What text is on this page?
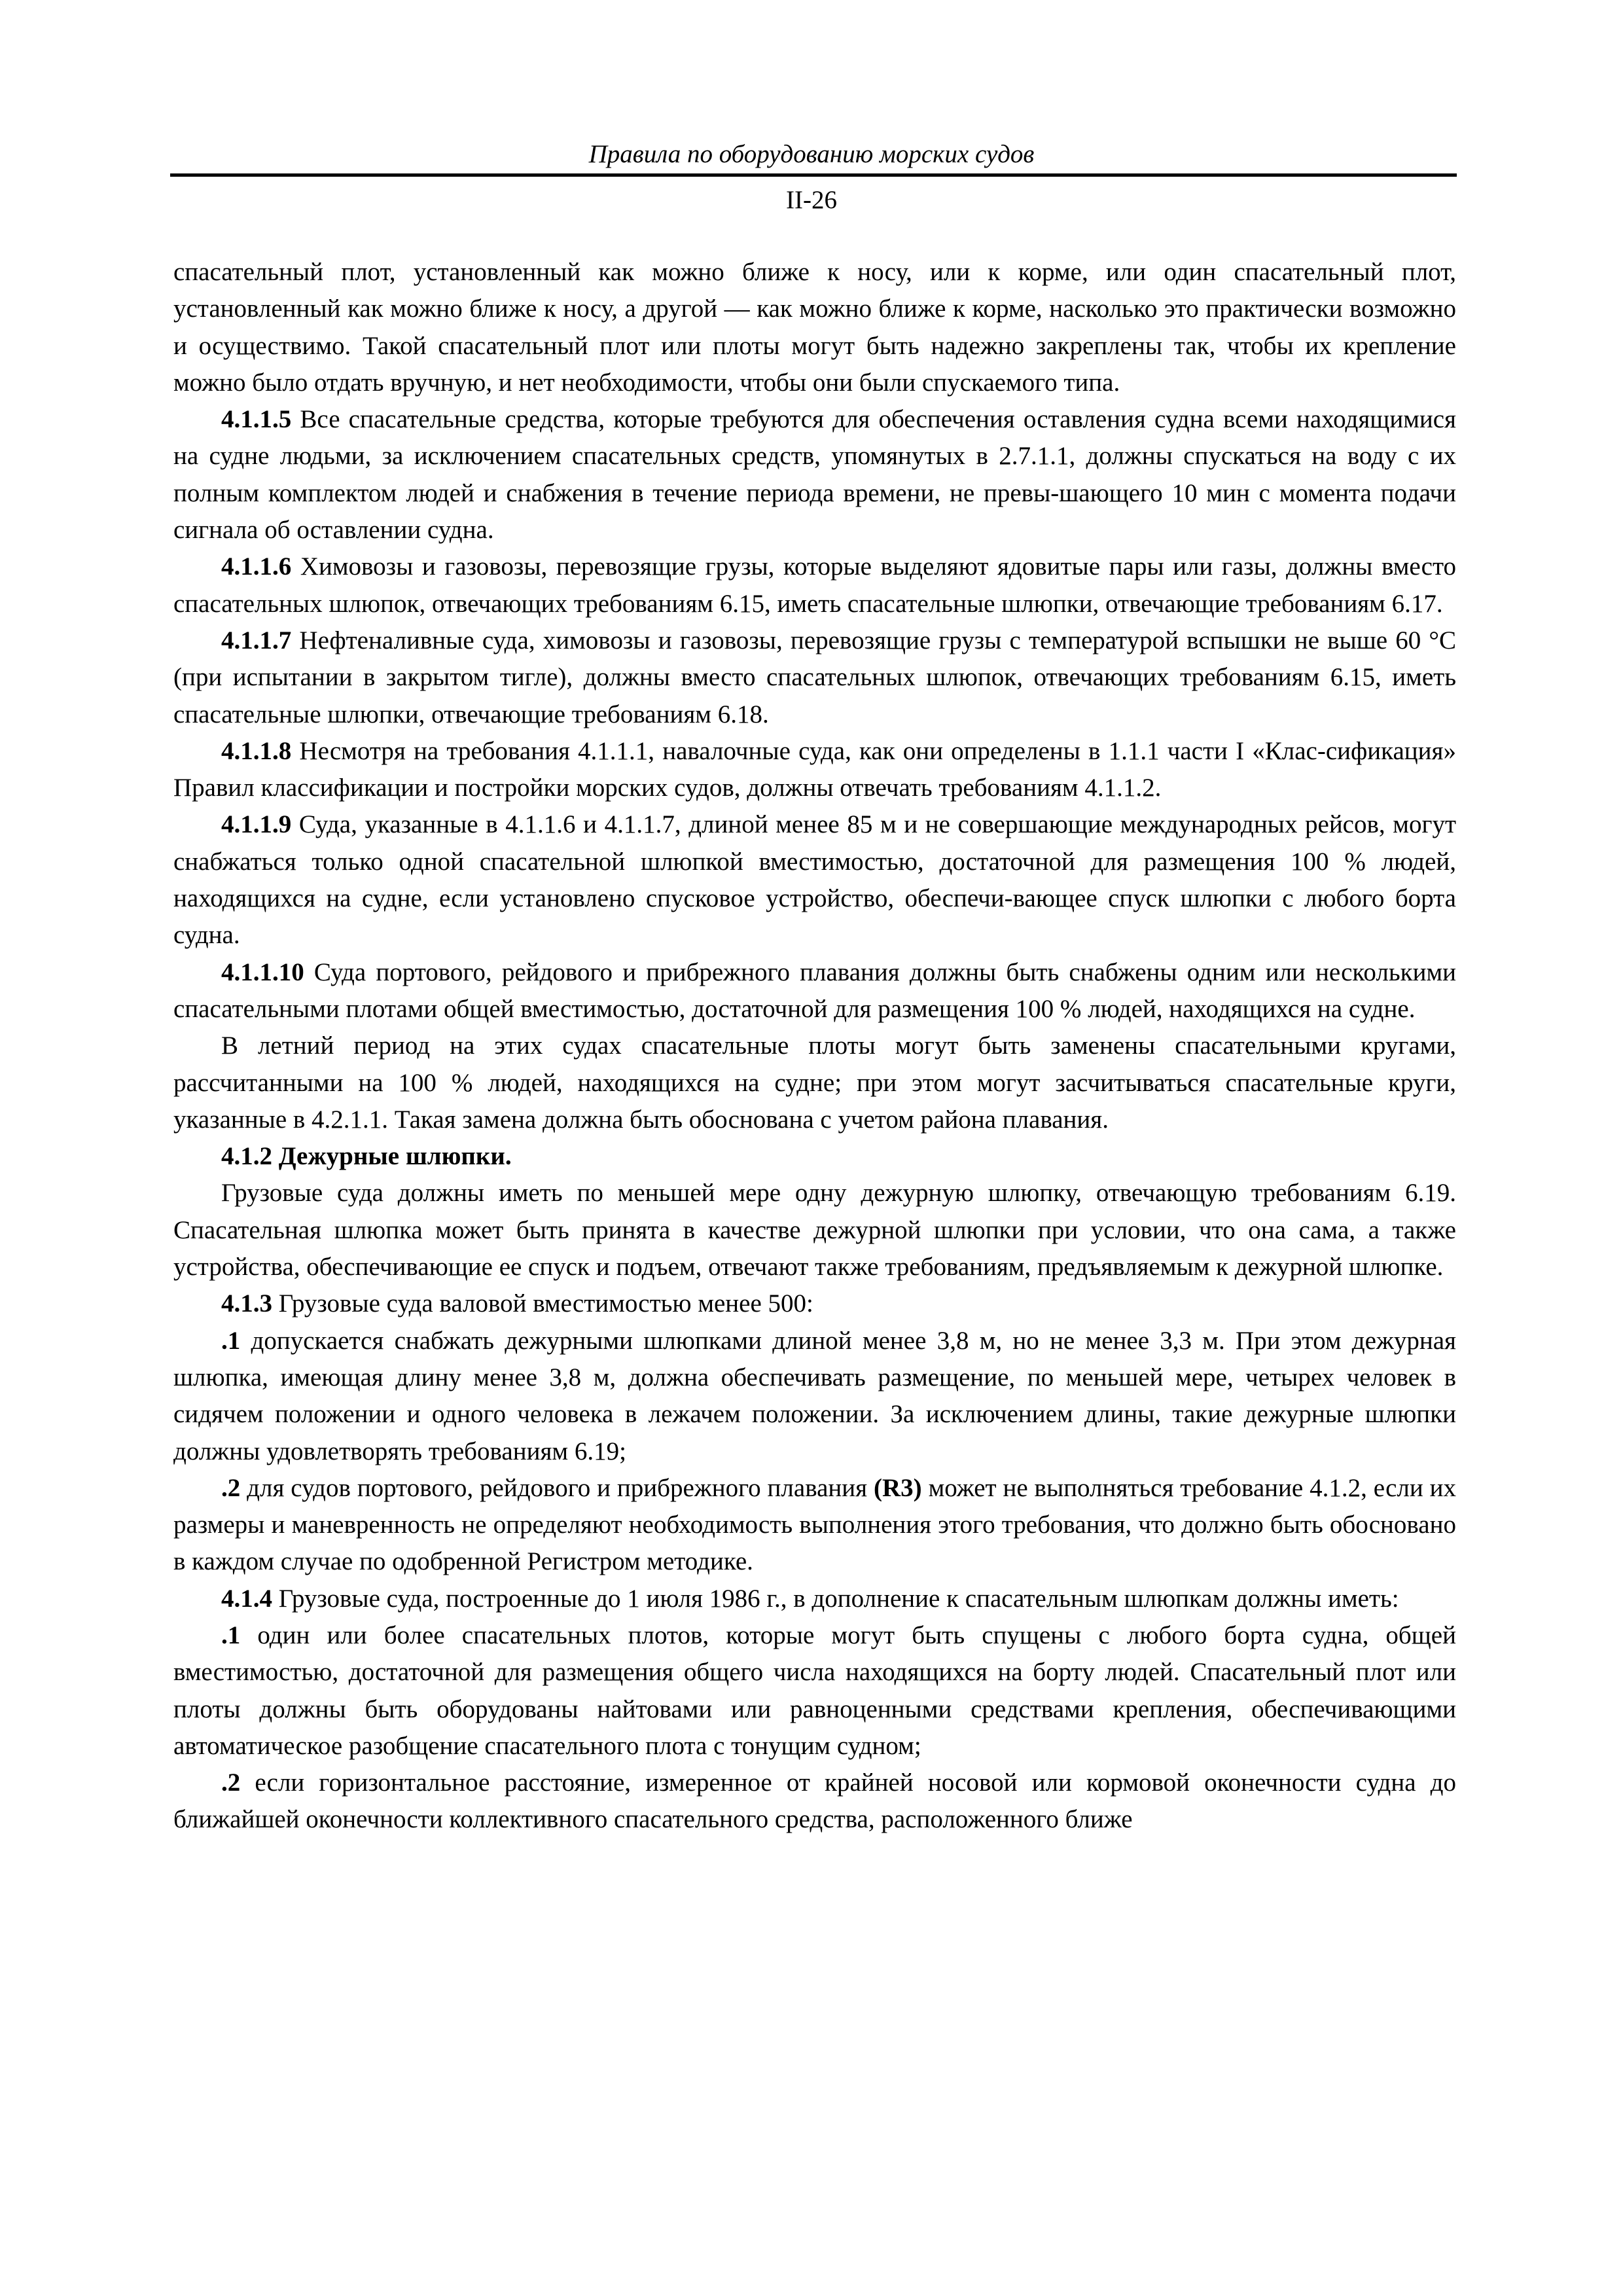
Правила по оборудованию морских судов
II-26

спасательный плот, установленный как можно ближе к носу, или к корме, или один спасательный плот, установленный как можно ближе к носу, а другой — как можно ближе к корме, насколько это практически возможно и осуществимо. Такой спасательный плот или плоты могут быть надежно закреплены так, чтобы их крепление можно было отдать вручную, и нет необходимости, чтобы они были спускаемого типа.

4.1.1.5 Все спасательные средства, которые требуются для обеспечения оставления судна всеми находящимися на судне людьми, за исключением спасательных средств, упомянутых в 2.7.1.1, должны спускаться на воду с их полным комплектом людей и снабжения в течение периода времени, не превы-шающего 10 мин с момента подачи сигнала об оставлении судна.

4.1.1.6 Химовозы и газовозы, перевозящие грузы, которые выделяют ядовитые пары или газы, должны вместо спасательных шлюпок, отвечающих требованиям 6.15, иметь спасательные шлюпки, отвечающие требованиям 6.17.

4.1.1.7 Нефтеналивные суда, химовозы и газовозы, перевозящие грузы с температурой вспышки не выше 60 °С (при испытании в закрытом тигле), должны вместо спасательных шлюпок, отвечающих требованиям 6.15, иметь спасательные шлюпки, отвечающие требованиям 6.18.

4.1.1.8 Несмотря на требования 4.1.1.1, навалочные суда, как они определены в 1.1.1 части I «Клас-сификация» Правил классификации и постройки морских судов, должны отвечать требованиям 4.1.1.2.

4.1.1.9 Суда, указанные в 4.1.1.6 и 4.1.1.7, длиной менее 85 м и не совершающие международных рейсов, могут снабжаться только одной спасательной шлюпкой вместимостью, достаточной для размещения 100 % людей, находящихся на судне, если установлено спусковое устройство, обеспечи-вающее спуск шлюпки с любого борта судна.

4.1.1.10 Суда портового, рейдового и прибрежного плавания должны быть снабжены одним или несколькими спасательными плотами общей вместимостью, достаточной для размещения 100 % людей, находящихся на судне.

В летний период на этих судах спасательные плоты могут быть заменены спасательными кругами, рассчитанными на 100 % людей, находящихся на судне; при этом могут засчитываться спасательные круги, указанные в 4.2.1.1. Такая замена должна быть обоснована с учетом района плавания.

4.1.2 Дежурные шлюпки.

Грузовые суда должны иметь по меньшей мере одну дежурную шлюпку, отвечающую требованиям 6.19. Спасательная шлюпка может быть принята в качестве дежурной шлюпки при условии, что она сама, а также устройства, обеспечивающие ее спуск и подъем, отвечают также требованиям, предъявляемым к дежурной шлюпке.

4.1.3 Грузовые суда валовой вместимостью менее 500:

.1 допускается снабжать дежурными шлюпками длиной менее 3,8 м, но не менее 3,3 м. При этом дежурная шлюпка, имеющая длину менее 3,8 м, должна обеспечивать размещение, по меньшей мере, четырех человек в сидячем положении и одного человека в лежачем положении. За исключением длины, такие дежурные шлюпки должны удовлетворять требованиям 6.19;

.2 для судов портового, рейдового и прибрежного плавания (R3) может не выполняться требование 4.1.2, если их размеры и маневренность не определяют необходимость выполнения этого требования, что должно быть обосновано в каждом случае по одобренной Регистром методике.

4.1.4 Грузовые суда, построенные до 1 июля 1986 г., в дополнение к спасательным шлюпкам должны иметь:

.1 один или более спасательных плотов, которые могут быть спущены с любого борта судна, общей вместимостью, достаточной для размещения общего числа находящихся на борту людей. Спасательный плот или плоты должны быть оборудованы найтовами или равноценными средствами крепления, обеспечивающими автоматическое разобщение спасательного плота с тонущим судном;

.2 если горизонтальное расстояние, измеренное от крайней носовой или кормовой оконечности судна до ближайшей оконечности коллективного спасательного средства, расположенного ближе
